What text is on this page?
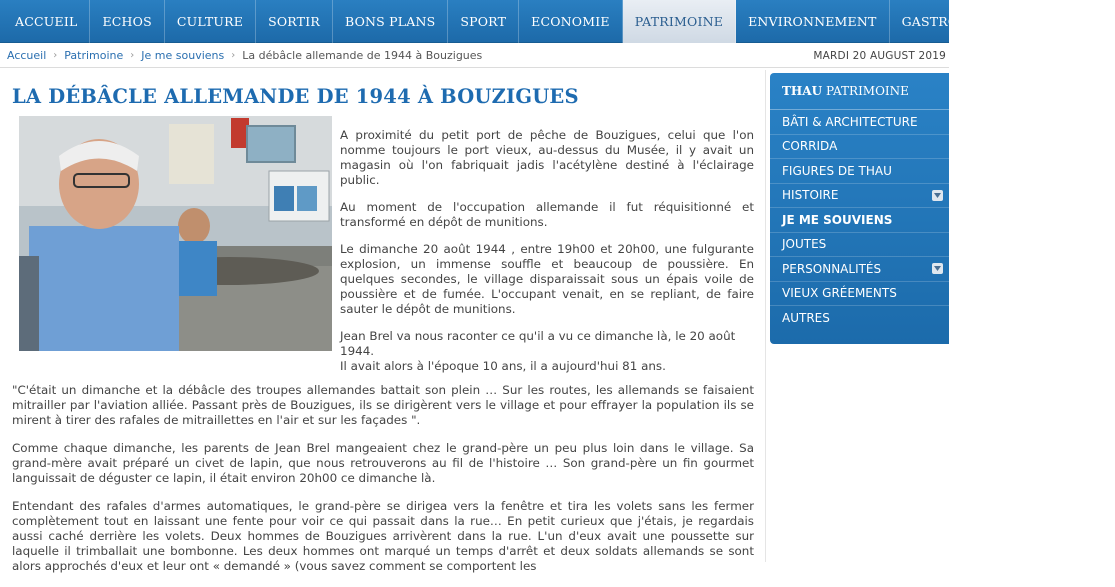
ACCUEIL	ECHOS	CULTURE	SORTIR	BONS PLANS	SPORT	ECONOMIE	PATRIMOINE	ENVIRONNEMENT	GASTRONOMIE	TERROIRS
Accueil › Patrimoine › Je me souviens › La débâcle allemande de 1944 à Bouzigues	MARDI 20 AUGUST 2019
LA DÉBÂCLE ALLEMANDE DE 1944 À BOUZIGUES

A proximité du petit port de pêche de Bouzigues, celui que l'on nomme toujours le port vieux, au-dessus du Musée, il y avait un magasin où l'on fabriquait jadis l'acétylène destiné à l'éclairage public.

Au moment de l'occupation allemande il fut réquisitionné et transformé en dépôt de munitions.

Le dimanche 20 août 1944 , entre 19h00 et 20h00, une fulgurante explosion, un immense souffle et beaucoup de poussière. En quelques secondes, le village disparaissait sous un épais voile de poussière et de fumée. L'occupant venait, en se repliant, de faire sauter le dépôt de munitions.

Jean Brel va nous raconter ce qu'il a vu ce dimanche là, le 20 août 1944.
Il avait alors à l'époque 10 ans, il a aujourd'hui 81 ans.

"C'était un dimanche et la débâcle des troupes allemandes battait son plein … Sur les routes, les allemands se faisaient mitrailler par l'aviation alliée. Passant près de Bouzigues, ils se dirigèrent vers le village et pour effrayer la population ils se mirent à tirer des rafales de mitraillettes en l'air et sur les façades ".

Comme chaque dimanche, les parents de Jean Brel mangeaient chez le grand-père un peu plus loin dans le village. Sa grand-mère avait préparé un civet de lapin, que nous retrouverons au fil de l'histoire … Son grand-père un fin gourmet languissait de déguster ce lapin, il était environ 20h00 ce dimanche là.

Entendant des rafales d'armes automatiques, le grand-père se dirigea vers la fenêtre et tira les volets sans les fermer complètement tout en laissant une fente pour voir ce qui passait dans la rue… En petit curieux que j'étais, je regardais aussi caché derrière les volets. Deux hommes de Bouzigues arrivèrent dans la rue. L'un d'eux avait une poussette sur laquelle il trimballait une bombonne. Les deux hommes ont marqué un temps d'arrêt et deux soldats allemands se sont alors approchés d'eux et leur ont « demandé » (vous savez comment se comportent les

THAU PATRIMOINE
BÂTI & ARCHITECTURE
CORRIDA
FIGURES DE THAU
HISTOIRE
JE ME SOUVIENS
JOUTES
PERSONNALITÉS
VIEUX GRÉEMENTS
AUTRES
